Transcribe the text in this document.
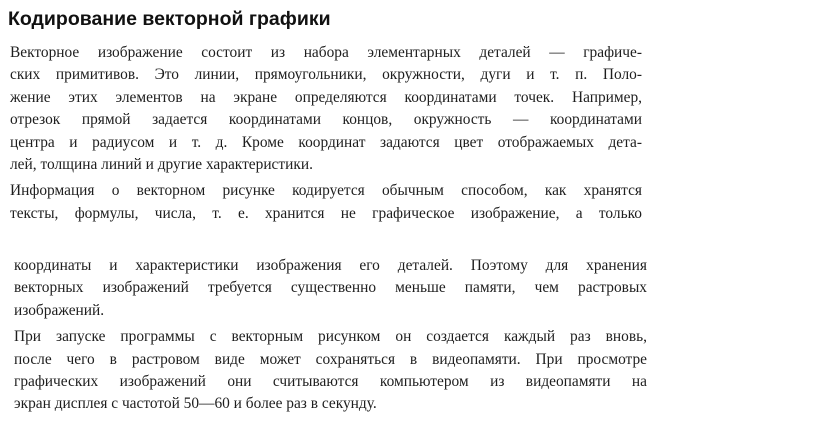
Кодирование векторной графики

Векторное изображение состоит из набора элементарных деталей — графиче-
ских примитивов. Это линии, прямоугольники, окружности, дуги и т. п. Поло-
жение этих элементов на экране определяются координатами точек. Например,
отрезок прямой задается координатами концов, окружность — координатами
центра и радиусом и т. д. Кроме координат задаются цвет отображаемых дета-
лей, толщина линий и другие характеристики.

Информация о векторном рисунке кодируется обычным способом, как хранятся
тексты, формулы, числа, т. е. хранится не графическое изображение, а только

координаты и характеристики изображения его деталей. Поэтому для хранения
векторных изображений требуется существенно меньше памяти, чем растровых
изображений.

При запуске программы с векторным рисунком он создается каждый раз вновь,
после чего в растровом виде может сохраняться в видеопамяти. При просмотре
графических изображений они считываются компьютером из видеопамяти на
экран дисплея с частотой 50—60 и более раз в секунду.
